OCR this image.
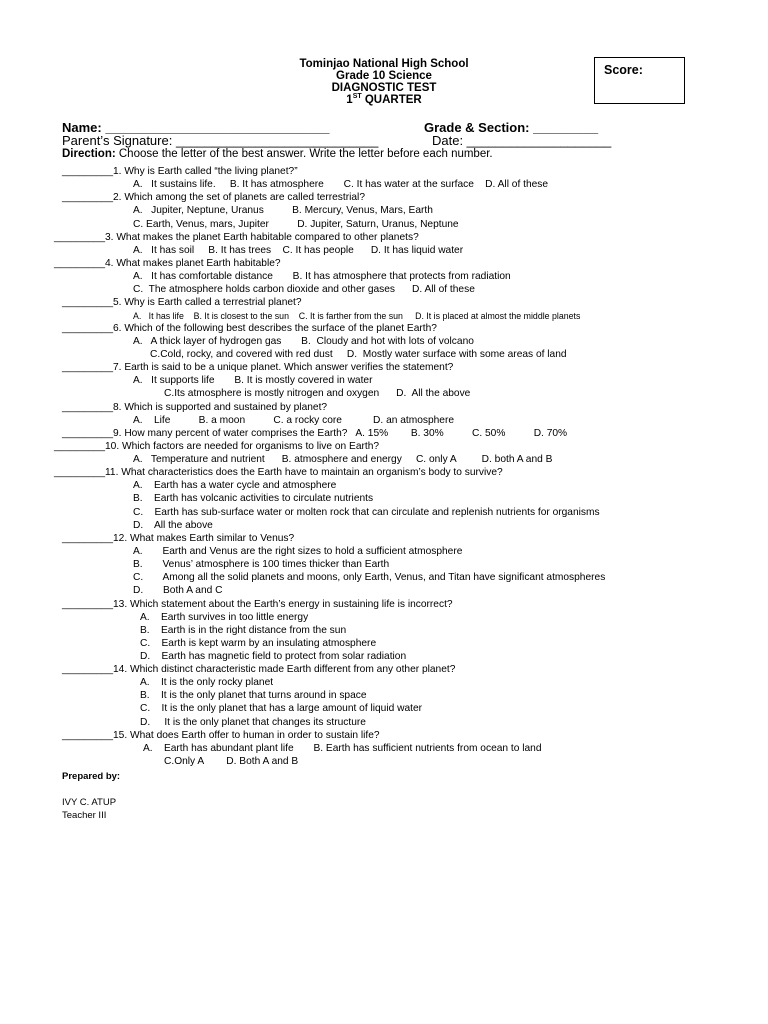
Tominjao National High School
Grade 10 Science
DIAGNOSTIC TEST
1ST QUARTER
Score:
Name: _______________________________	Grade & Section: _________
Parent’s Signature: ____________________________	Date: ____________________
Direction: Choose the letter of the best answer. Write the letter before each number.
_________1. Why is Earth called “the living planet?”
A.   It sustains life.     B. It has atmosphere       C. It has water at the surface    D. All of these
_________2. Which among the set of planets are called terrestrial?
A.   Jupiter, Neptune, Uranus          B. Mercury, Venus, Mars, Earth
C. Earth, Venus, mars, Jupiter          D. Jupiter, Saturn, Uranus, Neptune
_________3. What makes the planet Earth habitable compared to other planets?
A.   It has soil     B. It has trees    C. It has people      D. It has liquid water
_________4. What makes planet Earth habitable?
A.   It has comfortable distance       B. It has atmosphere that protects from radiation
C.  The atmosphere holds carbon dioxide and other gases      D. All of these
_________5. Why is Earth called a terrestrial planet?
A.   It has life    B. It is closest to the sun    C. It is farther from the sun     D. It is placed at almost the middle planets
_________6. Which of the following best describes the surface of the planet Earth?
A.   A thick layer of hydrogen gas       B.  Cloudy and hot with lots of volcano
C.Cold, rocky, and covered with red dust     D.  Mostly water surface with some areas of land
_________7. Earth is said to be a unique planet. Which answer verifies the statement?
A.   It supports life       B. It is mostly covered in water
C.Its atmosphere is mostly nitrogen and oxygen      D.  All the above
_________8. Which is supported and sustained by planet?
A.    Life          B. a moon          C. a rocky core           D. an atmosphere
_________9. How many percent of water comprises the Earth?   A. 15%        B. 30%          C. 50%          D. 70%
_________10. Which factors are needed for organisms to live on Earth?
A.   Temperature and nutrient      B. atmosphere and energy     C. only A         D. both A and B
_________11. What characteristics does the Earth have to maintain an organism’s body to survive?
A.    Earth has a water cycle and atmosphere
B.    Earth has volcanic activities to circulate nutrients
C.    Earth has sub-surface water or molten rock that can circulate and replenish nutrients for organisms
D.    All the above
_________12. What makes Earth similar to Venus?
A.       Earth and Venus are the right sizes to hold a sufficient atmosphere
B.       Venus’ atmosphere is 100 times thicker than Earth
C.       Among all the solid planets and moons, only Earth, Venus, and Titan have significant atmospheres
D.       Both A and C
_________13. Which statement about the Earth’s energy in sustaining life is incorrect?
A.    Earth survives in too little energy
B.    Earth is in the right distance from the sun
C.    Earth is kept warm by an insulating atmosphere
D.    Earth has magnetic field to protect from solar radiation
_________14. Which distinct characteristic made Earth different from any other planet?
A.    It is the only rocky planet
B.    It is the only planet that turns around in space
C.    It is the only planet that has a large amount of liquid water
D.     It is the only planet that changes its structure
_________15. What does Earth offer to human in order to sustain life?
A.    Earth has abundant plant life       B. Earth has sufficient nutrients from ocean to land
C.Only A        D. Both A and B
Prepared by:
IVY C. ATUP
Teacher III
